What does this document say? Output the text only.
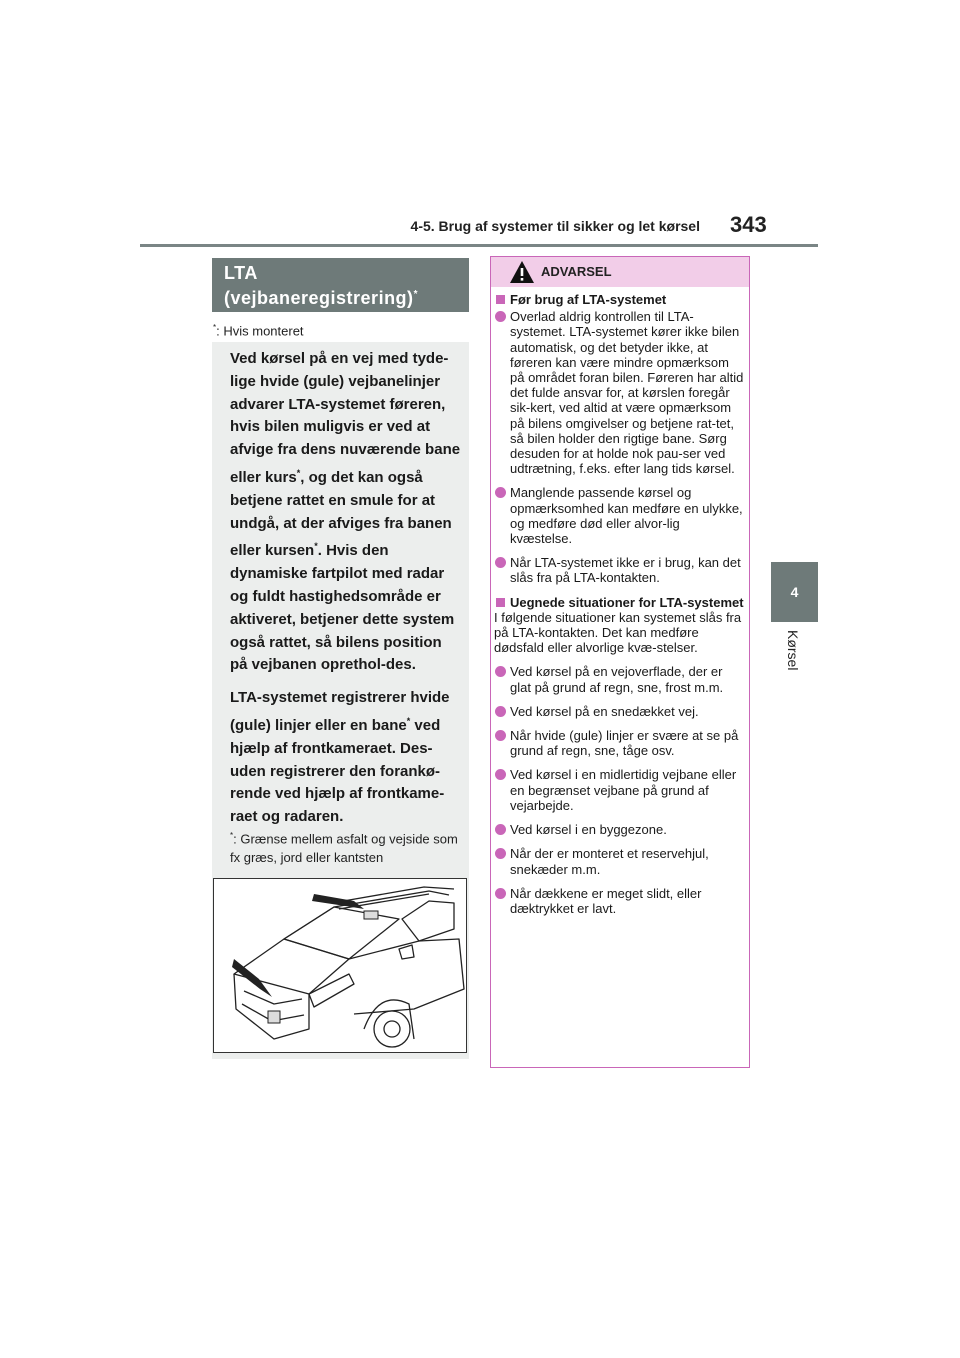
4-5. Brug af systemer til sikker og let kørsel 343
4
Kørsel
LTA
(vejbaneregistrering)*
*: Hvis monteret

Ved kørsel på en vej med tyde-lige hvide (gule) vejbanelinjer advarer LTA-systemet føreren, hvis bilen muligvis er ved at afvige fra dens nuværende bane eller kurs*, og det kan også betjene rattet en smule for at undgå, at der afviges fra banen eller kursen*. Hvis den dynamiske fartpilot med radar og fuldt hastighedsområde er aktiveret, betjener dette system også rattet, så bilens position på vejbanen oprethol-des.

LTA-systemet registrerer hvide (gule) linjer eller en bane* ved hjælp af frontkameraet. Des-uden registrerer den forankø-rende ved hjælp af frontkame-raet og radaren.

*: Grænse mellem asfalt og vejside som fx græs, jord eller kantsten
ADVARSEL
Før brug af LTA-systemet
Overlad aldrig kontrollen til LTA-systemet. LTA-systemet kører ikke bilen automatisk, og det betyder ikke, at føreren kan være mindre opmærksom på området foran bilen. Føreren har altid det fulde ansvar for, at kørslen foregår sik-kert, ved altid at være opmærksom på bilens omgivelser og betjene rat-tet, så bilen holder den rigtige bane. Sørg desuden for at holde nok pau-ser ved udtrætning, f.eks. efter lang tids kørsel.
Manglende passende kørsel og opmærksomhed kan medføre en ulykke, og medføre død eller alvor-lig kvæstelse.
Når LTA-systemet ikke er i brug, kan det slås fra på LTA-kontakten.
Uegnede situationer for LTA-systemet
I følgende situationer kan systemet slås fra på LTA-kontakten. Det kan medføre dødsfald eller alvorlige kvæ-stelser.
Ved kørsel på en vejoverflade, der er glat på grund af regn, sne, frost m.m.
Ved kørsel på en snedækket vej.
Når hvide (gule) linjer er svære at se på grund af regn, sne, tåge osv.
Ved kørsel i en midlertidig vejbane eller en begrænset vejbane på grund af vejarbejde.
Ved kørsel i en byggezone.
Når der er monteret et reservehjul, snekæder m.m.
Når dækkene er meget slidt, eller dæktrykket er lavt.
